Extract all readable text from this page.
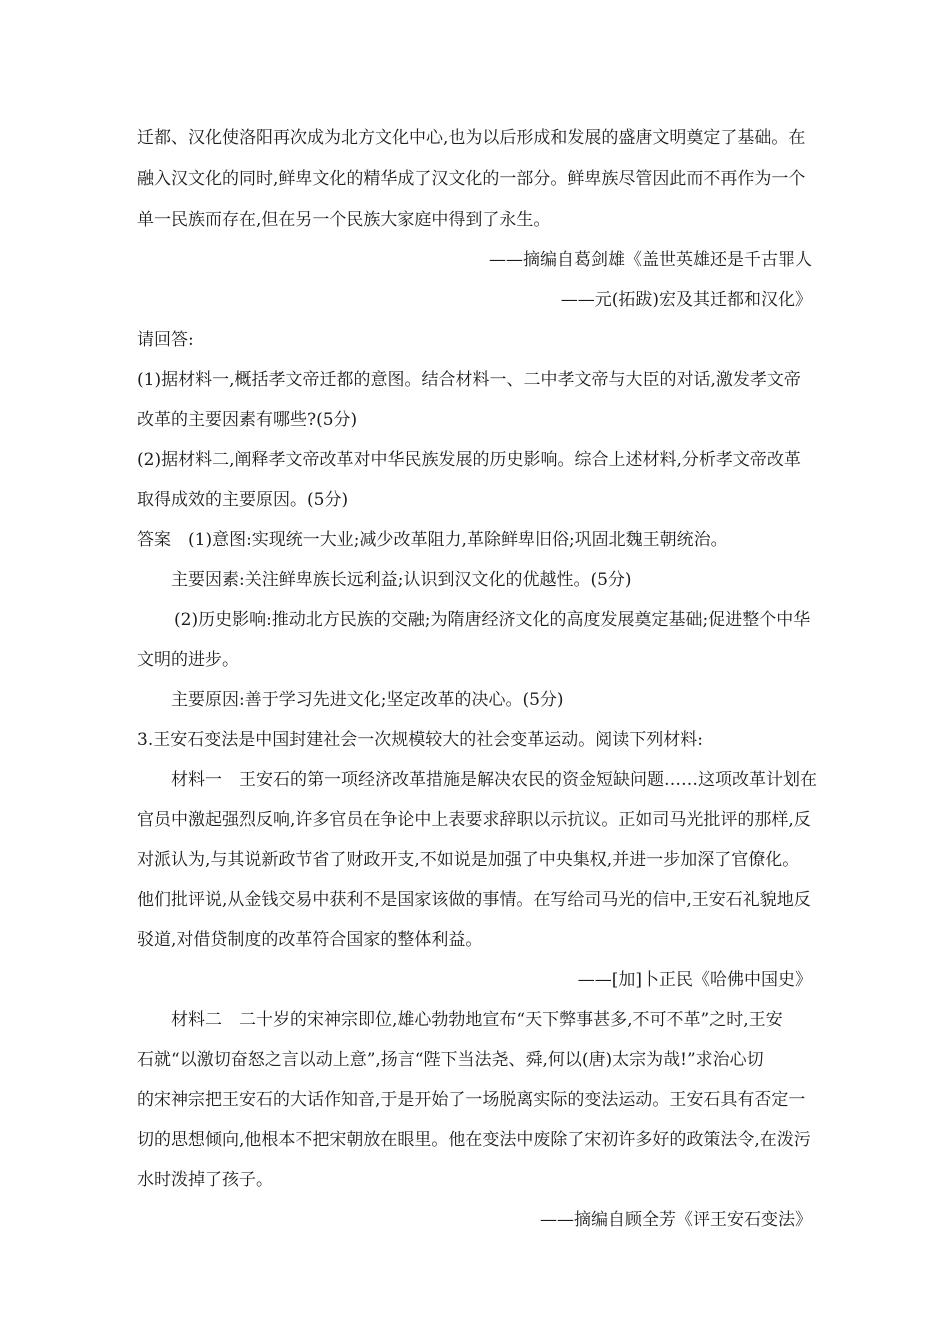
迁都、汉化使洛阳再次成为北方文化中心,也为以后形成和发展的盛唐文明奠定了基础。在
融入汉文化的同时,鲜卑文化的精华成了汉文化的一部分。鲜卑族尽管因此而不再作为一个
单一民族而存在,但在另一个民族大家庭中得到了永生。
——摘编自葛剑雄《盖世英雄还是千古罪人
——元(拓跋)宏及其迁都和汉化》
请回答:
(1)据材料一,概括孝文帝迁都的意图。结合材料一、二中孝文帝与大臣的对话,激发孝文帝
改革的主要因素有哪些?(5分)
(2)据材料二,阐释孝文帝改革对中华民族发展的历史影响。综合上述材料,分析孝文帝改革
取得成效的主要原因。(5分)
答案　(1)意图:实现统一大业;减少改革阻力,革除鲜卑旧俗;巩固北魏王朝统治。
主要因素:关注鲜卑族长远利益;认识到汉文化的优越性。(5分)
(2)历史影响:推动北方民族的交融;为隋唐经济文化的高度发展奠定基础;促进整个中华
文明的进步。
主要原因:善于学习先进文化;坚定改革的决心。(5分)
3.王安石变法是中国封建社会一次规模较大的社会变革运动。阅读下列材料:
材料一　王安石的第一项经济改革措施是解决农民的资金短缺问题……这项改革计划在
官员中激起强烈反响,许多官员在争论中上表要求辞职以示抗议。正如司马光批评的那样,反
对派认为,与其说新政节省了财政开支,不如说是加强了中央集权,并进一步加深了官僚化。
他们批评说,从金钱交易中获利不是国家该做的事情。在写给司马光的信中,王安石礼貌地反
驳道,对借贷制度的改革符合国家的整体利益。
——[加]卜正民《哈佛中国史》
材料二　二十岁的宋神宗即位,雄心勃勃地宣布“天下弊事甚多,不可不革”之时,王安
石就“以激切奋怒之言以动上意”,扬言“陛下当法尧、舜,何以(唐)太宗为哉!”求治心切
的宋神宗把王安石的大话作知音,于是开始了一场脱离实际的变法运动。王安石具有否定一
切的思想倾向,他根本不把宋朝放在眼里。他在变法中废除了宋初许多好的政策法令,在泼污
水时泼掉了孩子。
——摘编自顾全芳《评王安石变法》
